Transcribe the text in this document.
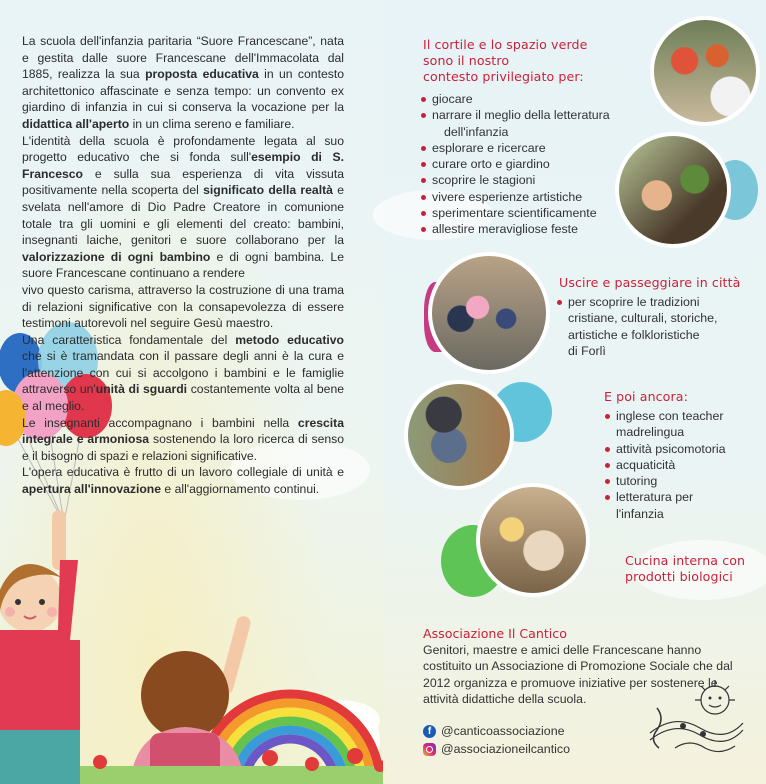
La scuola dell'infanzia paritaria “Suore Francescane”, nata e gestita dalle suore Francescane dell'Immacolata dal 1885, realizza la sua proposta educativa in un contesto architettonico affascinate e senza tempo: un convento ex giardino di infanzia in cui si conserva la vocazione per la didattica all'aperto in un clima sereno e familiare.

L'identità della scuola è profondamente legata al suo progetto educativo che si fonda sull'esempio di S. Francesco e sulla sua esperienza di vita vissuta positivamente nella scoperta del significato della realtà e svelata nell'amore di Dio Padre Creatore in comunione totale tra gli uomini e gli elementi del creato: bambini, insegnanti laiche, genitori e suore collaborano per la valorizzazione di ogni bambino e di ogni bambina. Le suore Francescane continuano a rendere

vivo questo carisma, attraverso la costruzione di una trama di relazioni significative con la consapevolezza di essere testimoni autorevoli nel seguire Gesù maestro.

Una caratteristica fondamentale del metodo educativo che si è tramandata con il passare degli anni è la cura e l'attenzione con cui si accolgono i bambini e le famiglie attraverso un'unità di sguardi costantemente volta al bene e al meglio.

Le insegnanti accompagnano i bambini nella crescita integrale e armoniosa sostenendo la loro ricerca di senso e il bisogno di spazi e relazioni significative.

L'opera educativa è frutto di un lavoro collegiale di unità e apertura all'innovazione e all'aggiornamento continui.

Il cortile e lo spazio verde
sono il nostro
contesto privilegiato per:
giocare
narrare il meglio della letteratura
dell'infanzia
esplorare e ricercare
curare orto e giardino
scoprire le stagioni
vivere esperienze artistiche
sperimentare scientificamente
allestire meravigliose feste
Uscire e passeggiare in città
per scoprire le tradizioni
cristiane, culturali, storiche,
artistiche e folkloristiche
di Forlì
E poi ancora:
inglese con teacher
madrelingua
attività psicomotoria
acquaticità
tutoring
letteratura per
l'infanzia
Cucina interna con
prodotti biologici
Associazione Il Cantico
Genitori, maestre e amici delle Francescane hanno costituito un Associazione di Promozione Sociale che dal 2012 organizza e promuove iniziative per sostenere le attività didattiche della scuola.
f @canticoassociazione
@associazioneilcantico
